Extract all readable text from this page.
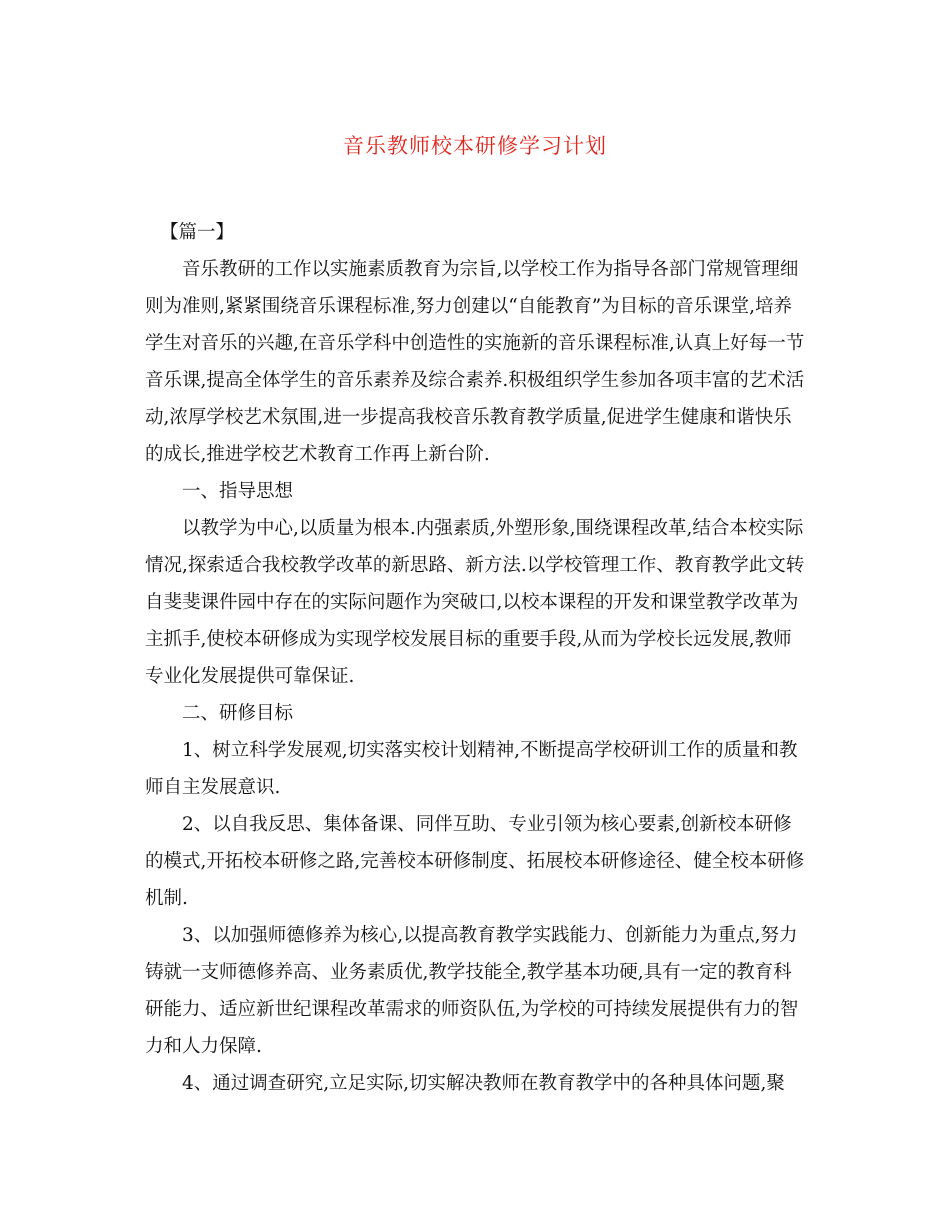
音乐教师校本研修学习计划

【篇一】

音乐教研的工作以实施素质教育为宗旨,以学校工作为指导各部门常规管理细则为准则,紧紧围绕音乐课程标准,努力创建以“自能教育”为目标的音乐课堂,培养学生对音乐的兴趣,在音乐学科中创造性的实施新的音乐课程标准,认真上好每一节音乐课,提高全体学生的音乐素养及综合素养.积极组织学生参加各项丰富的艺术活动,浓厚学校艺术氛围,进一步提高我校音乐教育教学质量,促进学生健康和谐快乐的成长,推进学校艺术教育工作再上新台阶.

一、指导思想

以教学为中心,以质量为根本.内强素质,外塑形象,围绕课程改革,结合本校实际情况,探索适合我校教学改革的新思路、新方法.以学校管理工作、教育教学此文转自斐斐课件园中存在的实际问题作为突破口,以校本课程的开发和课堂教学改革为主抓手,使校本研修成为实现学校发展目标的重要手段,从而为学校长远发展,教师专业化发展提供可靠保证.

二、研修目标

1、树立科学发展观,切实落实校计划精神,不断提高学校研训工作的质量和教师自主发展意识.

2、以自我反思、集体备课、同伴互助、专业引领为核心要素,创新校本研修的模式,开拓校本研修之路,完善校本研修制度、拓展校本研修途径、健全校本研修机制.

3、以加强师德修养为核心,以提高教育教学实践能力、创新能力为重点,努力铸就一支师德修养高、业务素质优,教学技能全,教学基本功硬,具有一定的教育科研能力、适应新世纪课程改革需求的师资队伍,为学校的可持续发展提供有力的智力和人力保障.

4、通过调查研究,立足实际,切实解决教师在教育教学中的各种具体问题,聚
